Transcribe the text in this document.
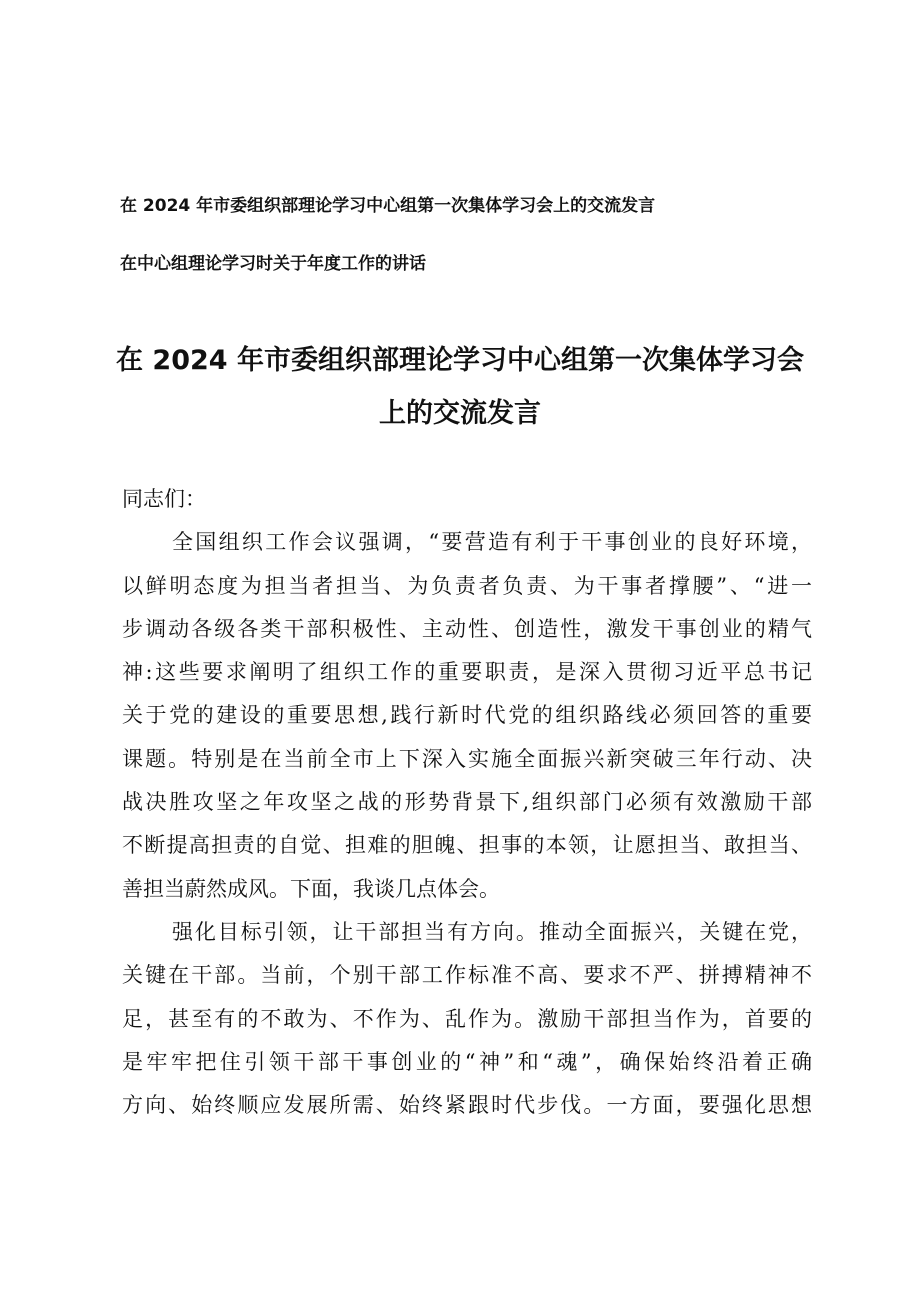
在 2024 年市委组织部理论学习中心组第一次集体学习会上的交流发言
在中心组理论学习时关于年度工作的讲话
在 2024 年市委组织部理论学习中心组第一次集体学习会
上的交流发言
同志们：
全国组织工作会议强调，“要营造有利于干事创业的良好环境，
以鲜明态度为担当者担当、为负责者负责、为干事者撑腰”、“进一
步调动各级各类干部积极性、主动性、创造性，激发干事创业的精气
神:这些要求阐明了组织工作的重要职责，是深入贯彻习近平总书记
关于党的建设的重要思想,践行新时代党的组织路线必须回答的重要
课题。特别是在当前全市上下深入实施全面振兴新突破三年行动、决
战决胜攻坚之年攻坚之战的形势背景下,组织部门必须有效激励干部
不断提高担责的自觉、担难的胆魄、担事的本领，让愿担当、敢担当、
善担当蔚然成风。下面，我谈几点体会。
强化目标引领，让干部担当有方向。推动全面振兴，关键在党，
关键在干部。当前，个别干部工作标准不高、要求不严、拼搏精神不
足，甚至有的不敢为、不作为、乱作为。激励干部担当作为，首要的
是牢牢把住引领干部干事创业的“神”和“魂”，确保始终沿着正确
方向、始终顺应发展所需、始终紧跟时代步伐。一方面，要强化思想
